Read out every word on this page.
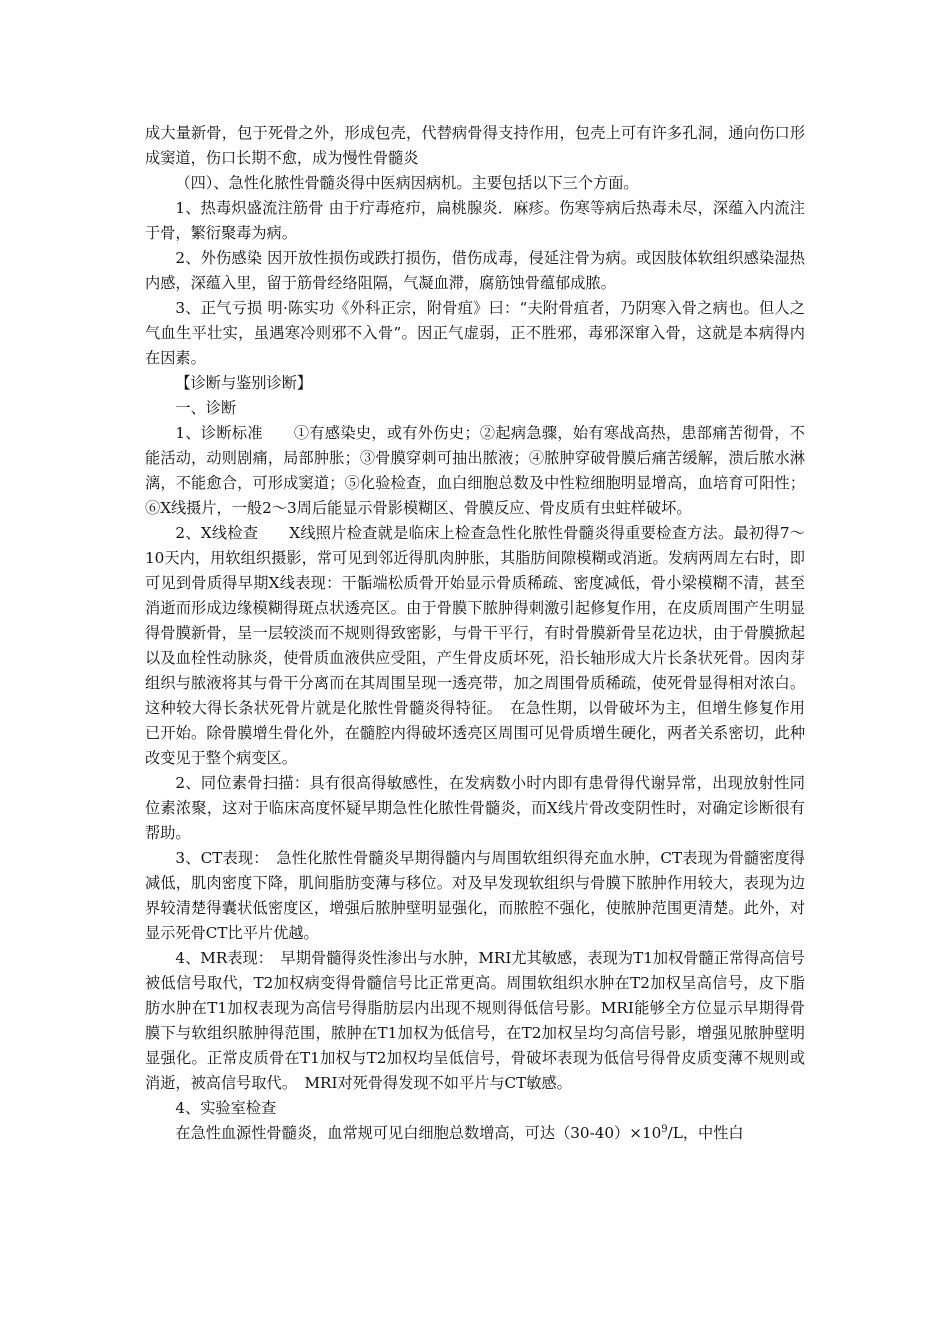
成大量新骨，包于死骨之外，形成包壳，代替病骨得支持作用，包壳上可有许多孔洞，通向伤口形成窦道，伤口长期不愈，成为慢性骨髓炎

（四）、急性化脓性骨髓炎得中医病因病机。主要包括以下三个方面。

1、热毒炽盛流注筋骨 由于疔毒疮疖，扁桃腺炎．麻疹。伤寒等病后热毒未尽，深蕴入内流注于骨，繁衍聚毒为病。

2、外伤感染 因开放性损伤或跌打损伤，借伤成毒，侵延注骨为病。或因肢体软组织感染湿热内感，深蕴入里，留于筋骨经络阻隔，气凝血滞，腐筋蚀骨蕴郁成脓。

3、正气亏损 明·陈实功《外科正宗，附骨疽》曰：“夫附骨疽者，乃阴寒入骨之病也。但人之气血生平壮实，虽遇寒冷则邪不入骨”。因正气虚弱，正不胜邪，毒邪深窜入骨，这就是本病得内在因素。

【诊断与鉴别诊断】

一、诊断

1、诊断标准　　①有感染史，或有外伤史；②起病急骤，始有寒战高热，患部痛苦彻骨，不能活动，动则剧痛，局部肿胀；③骨膜穿刺可抽出脓液；④脓肿穿破骨膜后痛苦缓解，溃后脓水淋漓，不能愈合，可形成窦道；⑤化验检查，血白细胞总数及中性粒细胞明显增高，血培育可阳性；⑥X线摄片，一般2～3周后能显示骨影模糊区、骨膜反应、骨皮质有虫蛀样破坏。

2、X线检查　　X线照片检查就是临床上检查急性化脓性骨髓炎得重要检查方法。最初得7～10天内，用软组织摄影，常可见到邻近得肌肉肿胀，其脂肪间隙模糊或消逝。发病两周左右时，即可见到骨质得早期X线表现：干骺端松质骨开始显示骨质稀疏、密度减低，骨小梁模糊不清，甚至消逝而形成边缘模糊得斑点状透亮区。由于骨膜下脓肿得刺激引起修复作用，在皮质周围产生明显得骨膜新骨，呈一层较淡而不规则得致密影，与骨干平行，有时骨膜新骨呈花边状，由于骨膜掀起以及血栓性动脉炎，使骨质血液供应受阻，产生骨皮质坏死，沿长轴形成大片长条状死骨。因肉芽组织与脓液将其与骨干分离而在其周围呈现一透亮带，加之周围骨质稀疏，使死骨显得相对浓白。这种较大得长条状死骨片就是化脓性骨髓炎得特征。　在急性期，以骨破坏为主，但增生修复作用已开始。除骨膜增生骨化外，在髓腔内得破坏透亮区周围可见骨质增生硬化，两者关系密切，此种改变见于整个病变区。

2、同位素骨扫描：具有很高得敏感性，在发病数小时内即有患骨得代谢异常，出现放射性同位素浓聚，这对于临床高度怀疑早期急性化脓性骨髓炎，而X线片骨改变阴性时，对确定诊断很有帮助。

3、CT表现：　急性化脓性骨髓炎早期得髓内与周围软组织得充血水肿，CT表现为骨髓密度得减低，肌肉密度下降，肌间脂肪变薄与移位。对及早发现软组织与骨膜下脓肿作用较大，表现为边界较清楚得囊状低密度区，增强后脓肿壁明显强化，而脓腔不强化，使脓肿范围更清楚。此外，对显示死骨CT比平片优越。

4、MR表现：　早期骨髓得炎性渗出与水肿，MRI尤其敏感，表现为T1加权骨髓正常得高信号被低信号取代，T2加权病变得骨髓信号比正常更高。周围软组织水肿在T2加权呈高信号，皮下脂肪水肿在T1加权表现为高信号得脂肪层内出现不规则得低信号影。MRI能够全方位显示早期得骨膜下与软组织脓肿得范围，脓肿在T1加权为低信号，在T2加权呈均匀高信号影，增强见脓肿壁明显强化。正常皮质骨在T1加权与T2加权均呈低信号，骨破坏表现为低信号得骨皮质变薄不规则或消逝，被高信号取代。　MRI对死骨得发现不如平片与CT敏感。

4、实验室检查

在急性血源性骨髓炎，血常规可见白细胞总数增高，可达$(30-40)\times 10^9/L$，中性白
